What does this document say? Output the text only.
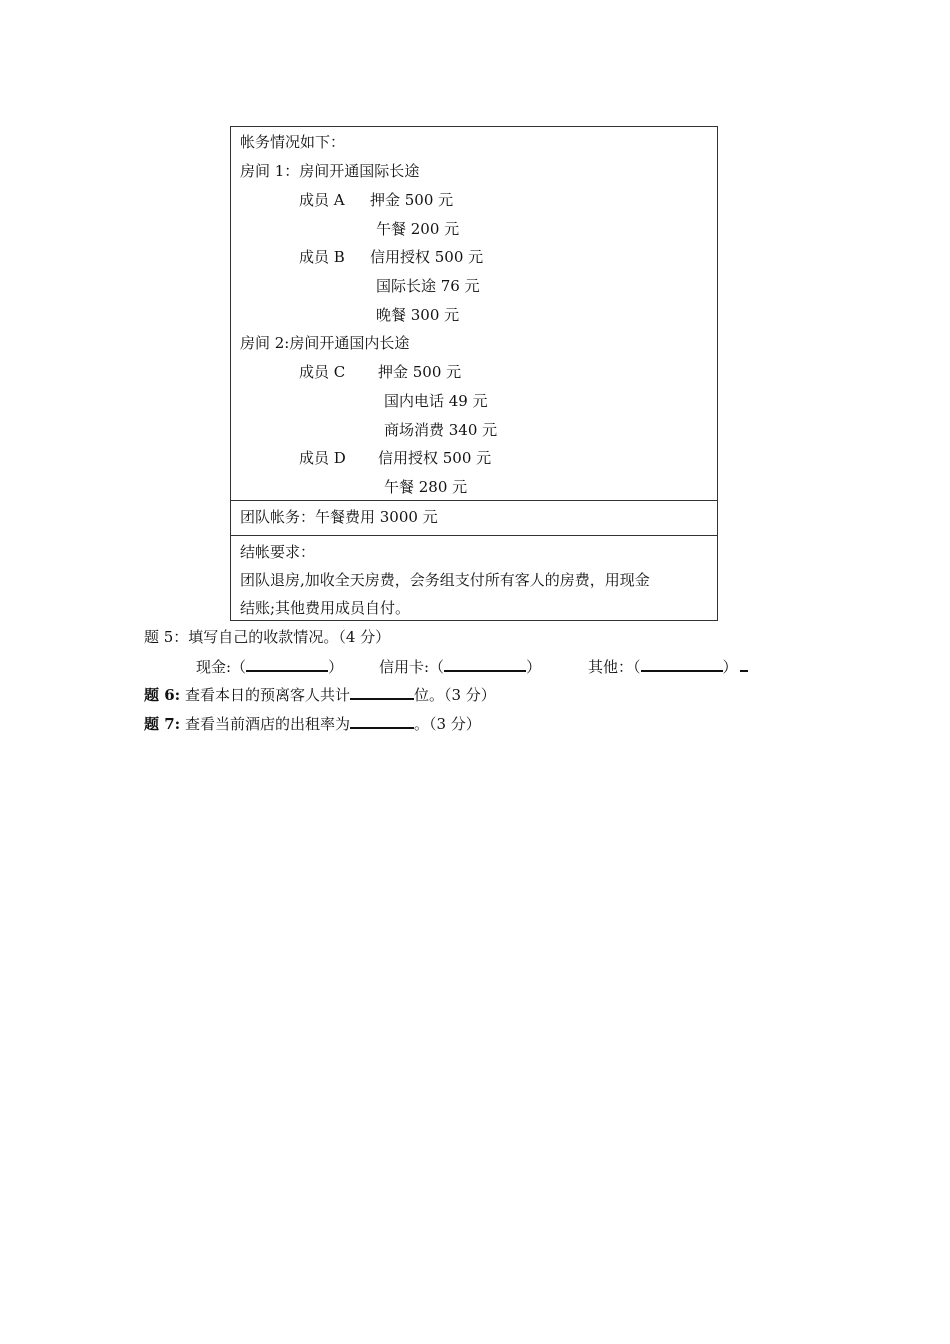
帐务情况如下：
房间 1：房间开通国际长途
成员 A 押金 500 元
午餐 200 元
成员 B 信用授权 500 元
国际长途 76 元
晚餐 300 元
房间 2:房间开通国内长途
成员 C 押金 500 元
国内电话 49 元
商场消费 340 元
成员 D 信用授权 500 元
午餐 280 元
团队帐务：午餐费用 3000 元
结帐要求：
团队退房,加收全天房费，会务组支付所有客人的房费，用现金
结账;其他费用成员自付。
题 5：填写自己的收款情况。（4 分）
现金:（	） 信用卡:（	）	其他：（	）
题 6: 查看本日的预离客人共计	位。（3 分）
题 7: 查看当前酒店的出租率为	。（3 分）
